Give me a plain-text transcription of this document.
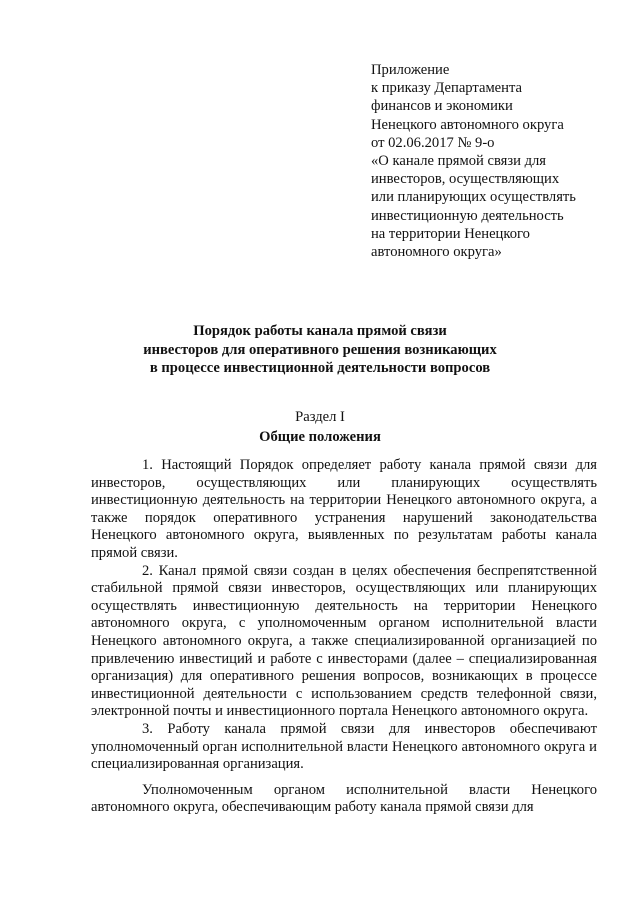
Приложение
к приказу Департамента
финансов и экономики
Ненецкого автономного округа
от 02.06.2017 № 9-о
«О канале прямой связи для
инвесторов, осуществляющих
или планирующих осуществлять
инвестиционную деятельность
на территории Ненецкого
автономного округа»
Порядок работы канала прямой связи
инвесторов для оперативного решения возникающих
в процессе инвестиционной деятельности вопросов
Раздел I
Общие положения

1. Настоящий Порядок определяет работу канала прямой связи для инвесторов, осуществляющих или планирующих осуществлять инвестиционную деятельность на территории Ненецкого автономного округа, а также порядок оперативного устранения нарушений законодательства Ненецкого автономного округа, выявленных по результатам работы канала прямой связи.

2. Канал прямой связи создан в целях обеспечения беспрепятственной стабильной прямой связи инвесторов, осуществляющих или планирующих осуществлять инвестиционную деятельность на территории Ненецкого автономного округа, с уполномоченным органом исполнительной власти Ненецкого автономного округа, а также специализированной организацией по привлечению инвестиций и работе с инвесторами (далее – специализированная организация) для оперативного решения вопросов, возникающих в процессе инвестиционной деятельности с использованием средств телефонной связи, электронной почты и инвестиционного портала Ненецкого автономного округа.

3. Работу канала прямой связи для инвесторов обеспечивают уполномоченный орган исполнительной власти Ненецкого автономного округа и специализированная организация.

Уполномоченным органом исполнительной власти Ненецкого автономного округа, обеспечивающим работу канала прямой связи для
